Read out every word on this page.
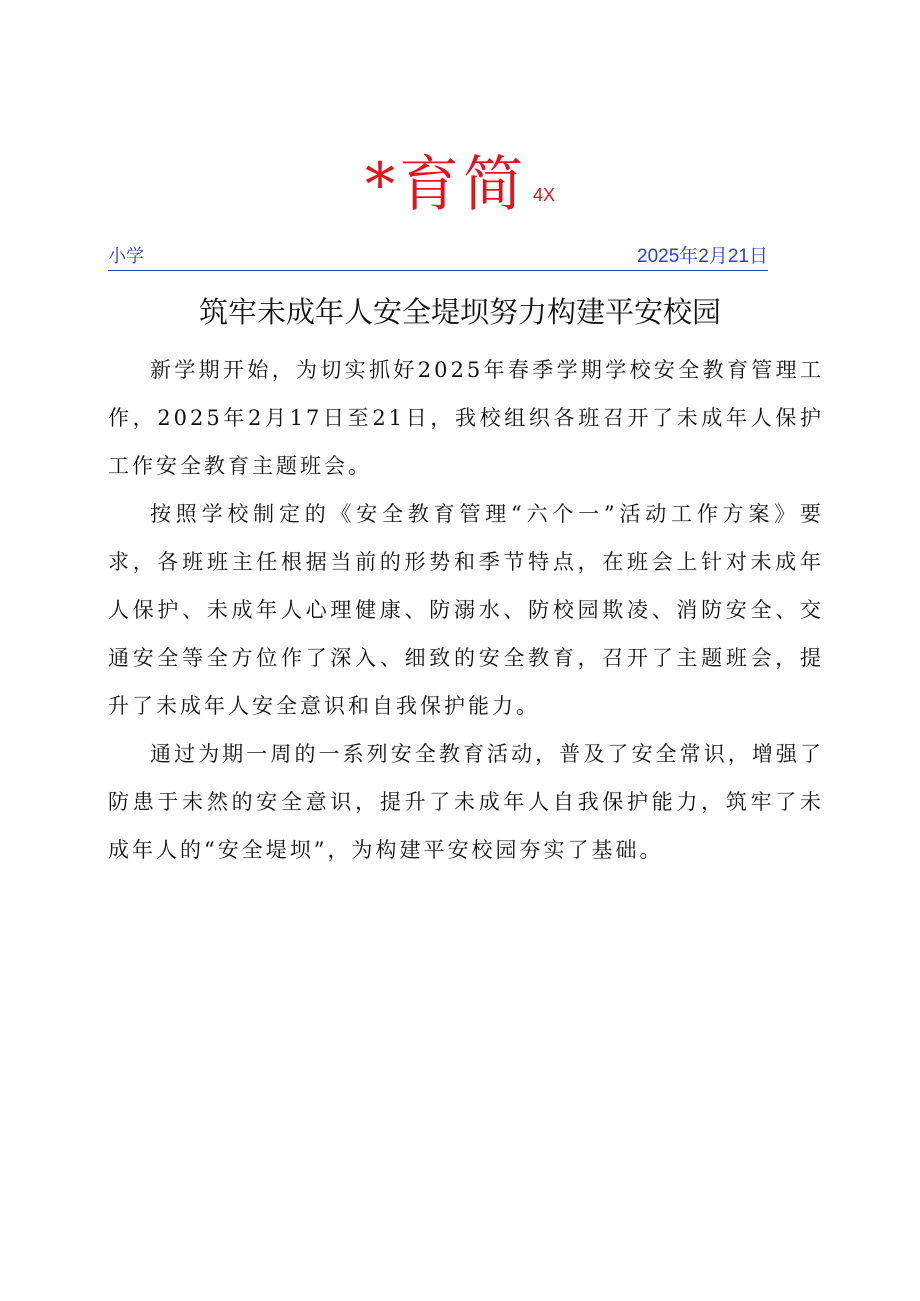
*育简 4X
小学	2025年2月21日
筑牢未成年人安全堤坝努力构建平安校园

新学期开始，为切实抓好2025年春季学期学校安全教育管理工作，2025年2月17日至21日，我校组织各班召开了未成年人保护工作安全教育主题班会。

按照学校制定的《安全教育管理“六个一”活动工作方案》要求，各班班主任根据当前的形势和季节特点，在班会上针对未成年人保护、未成年人心理健康、防溺水、防校园欺凌、消防安全、交通安全等全方位作了深入、细致的安全教育，召开了主题班会，提升了未成年人安全意识和自我保护能力。

通过为期一周的一系列安全教育活动，普及了安全常识，增强了防患于未然的安全意识，提升了未成年人自我保护能力，筑牢了未成年人的“安全堤坝”，为构建平安校园夯实了基础。
